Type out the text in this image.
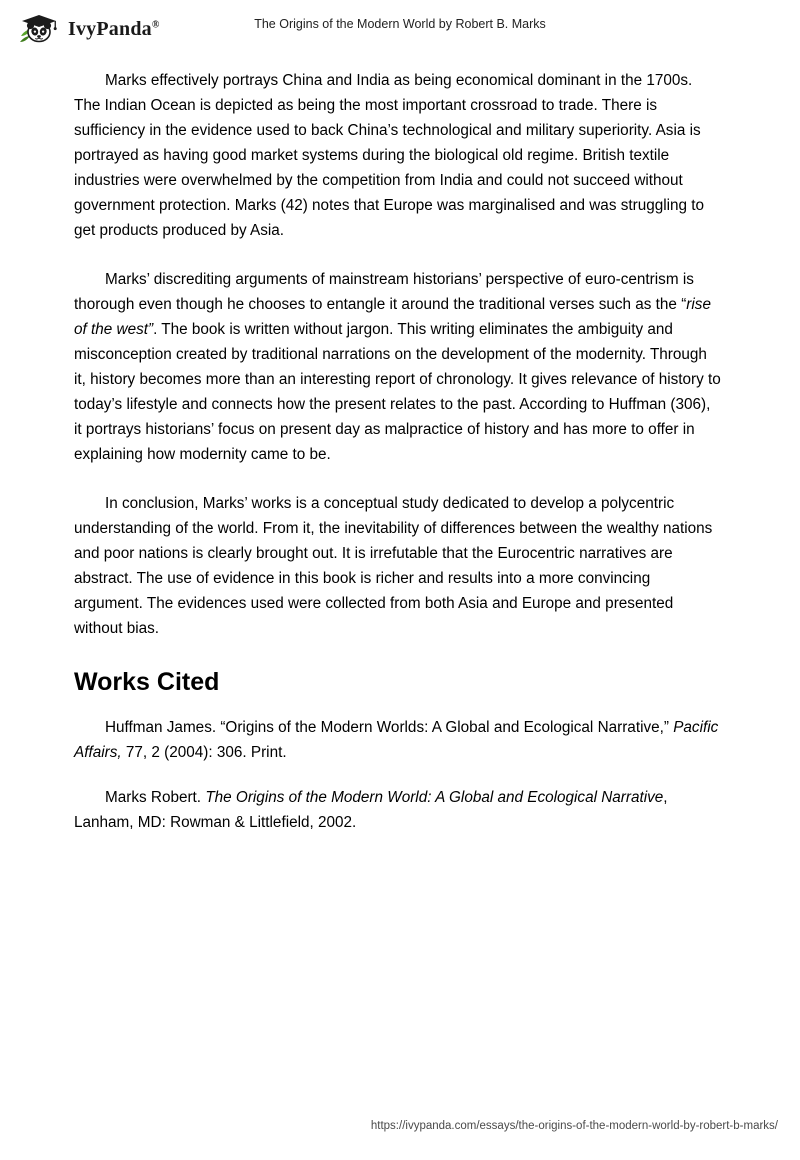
IvyPanda®	The Origins of the Modern World by Robert B. Marks

Marks effectively portrays China and India as being economical dominant in the 1700s. The Indian Ocean is depicted as being the most important crossroad to trade. There is sufficiency in the evidence used to back China’s technological and military superiority. Asia is portrayed as having good market systems during the biological old regime. British textile industries were overwhelmed by the competition from India and could not succeed without government protection. Marks (42) notes that Europe was marginalised and was struggling to get products produced by Asia.

Marks’ discrediting arguments of mainstream historians’ perspective of euro-centrism is thorough even though he chooses to entangle it around the traditional verses such as the “rise of the west”. The book is written without jargon. This writing eliminates the ambiguity and misconception created by traditional narrations on the development of the modernity. Through it, history becomes more than an interesting report of chronology. It gives relevance of history to today’s lifestyle and connects how the present relates to the past. According to Huffman (306), it portrays historians’ focus on present day as malpractice of history and has more to offer in explaining how modernity came to be.

In conclusion, Marks’ works is a conceptual study dedicated to develop a polycentric understanding of the world. From it, the inevitability of differences between the wealthy nations and poor nations is clearly brought out. It is irrefutable that the Eurocentric narratives are abstract. The use of evidence in this book is richer and results into a more convincing argument. The evidences used were collected from both Asia and Europe and presented without bias.

Works Cited

Huffman James. “Origins of the Modern Worlds: A Global and Ecological Narrative,” Pacific Affairs, 77, 2 (2004): 306. Print.

Marks Robert. The Origins of the Modern World: A Global and Ecological Narrative, Lanham, MD: Rowman & Littlefield, 2002.

https://ivypanda.com/essays/the-origins-of-the-modern-world-by-robert-b-marks/
